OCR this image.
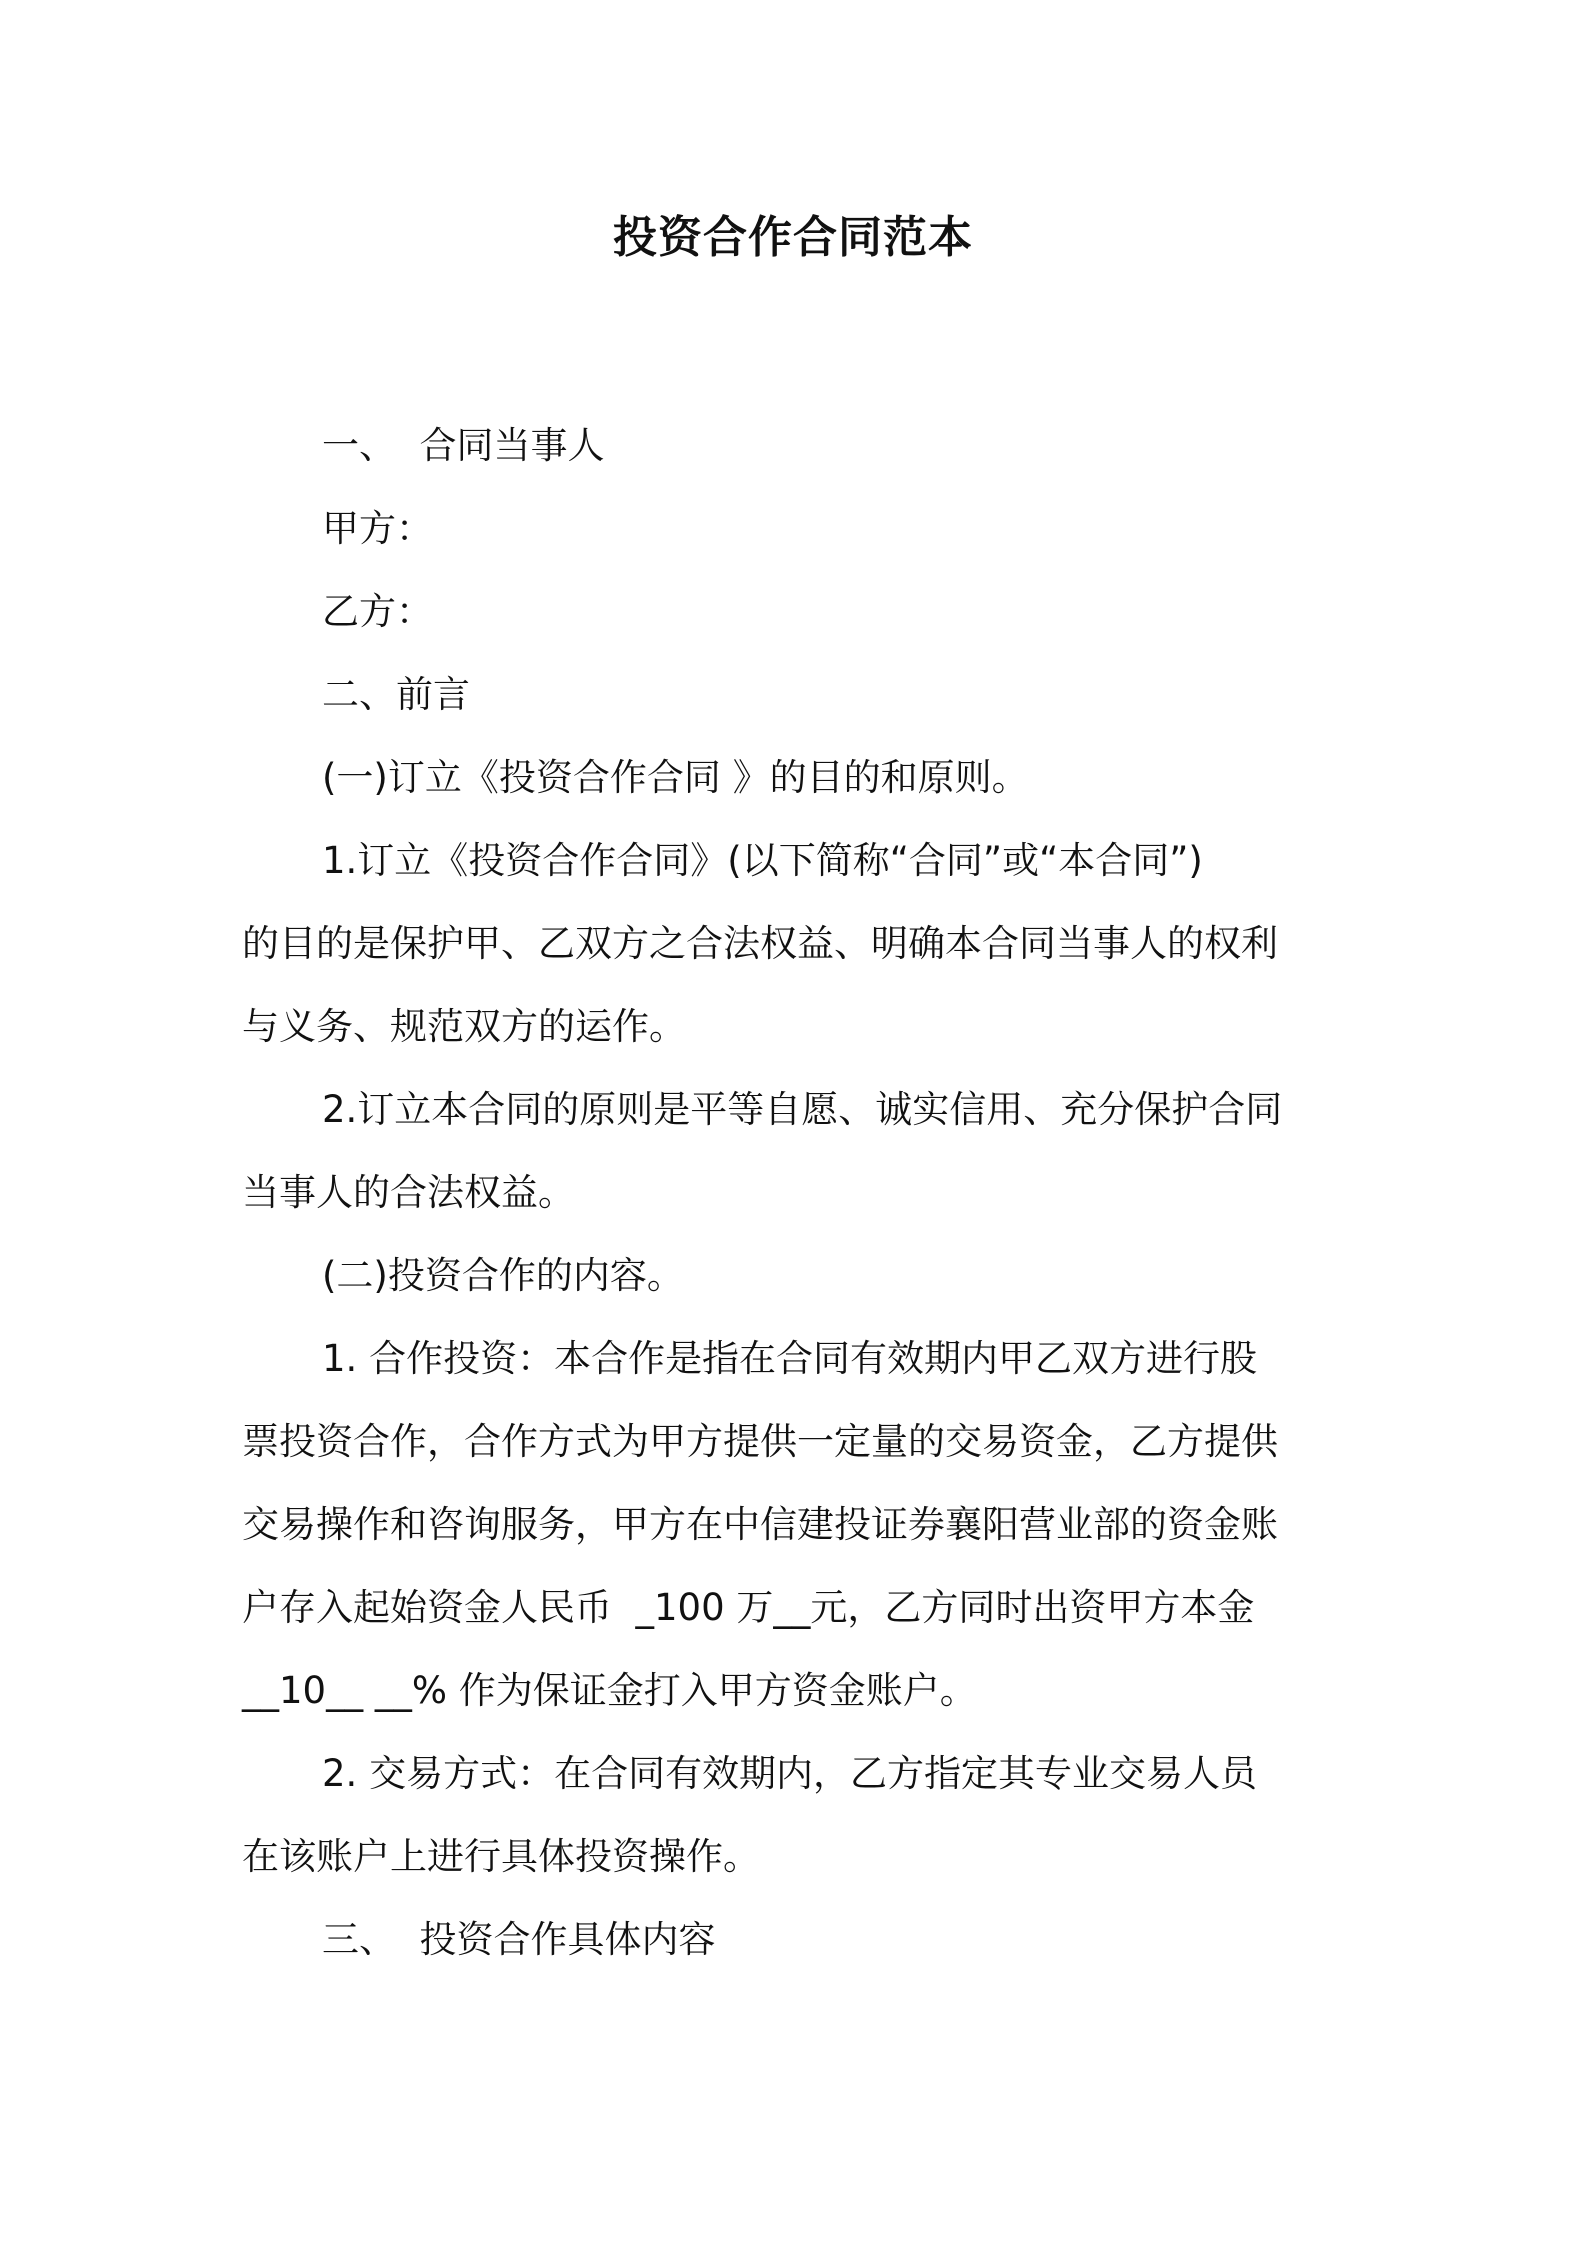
投资合作合同范本
一、  合同当事人
甲方：
乙方：
二、前言
(一)订立《投资合作合同 》的目的和原则。
1.订立《投资合作合同》(以下简称“合同”或“本合同”)
的目的是保护甲、乙双方之合法权益、明确本合同当事人的权利
与义务、规范双方的运作。
2.订立本合同的原则是平等自愿、诚实信用、充分保护合同
当事人的合法权益。
(二)投资合作的内容。
1. 合作投资：本合作是指在合同有效期内甲乙双方进行股
票投资合作，合作方式为甲方提供一定量的交易资金，乙方提供
交易操作和咨询服务，甲方在中信建投证券襄阳营业部的资金账
户存入起始资金人民币  _100 万__元，乙方同时出资甲方本金
__10__ __% 作为保证金打入甲方资金账户。
2. 交易方式：在合同有效期内，乙方指定其专业交易人员
在该账户上进行具体投资操作。
三、  投资合作具体内容
